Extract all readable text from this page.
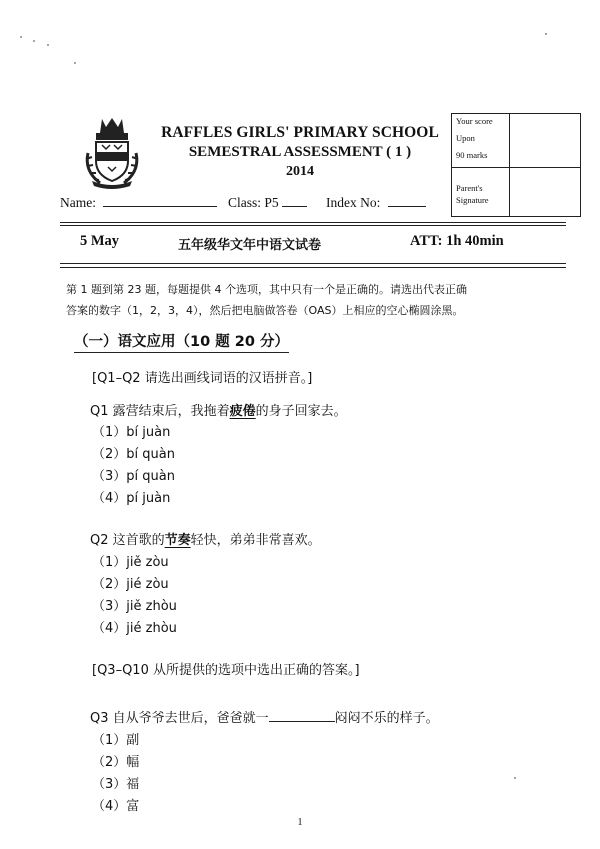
RAFFLES GIRLS' PRIMARY SCHOOL
SEMESTRAL ASSESSMENT ( 1 )
2014
Your score
Upon
90 marks
Parent's
Signature
Name:	Class: P5	Index No:
5 May	五年级华文年中语文试卷	ATT: 1h 40min
第 1 题到第 23 题，每题提供 4 个选项，其中只有一个是正确的。请选出代表正确
答案的数字（1，2，3，4），然后把电脑做答卷（OAS）上相应的空心椭圆涂黑。
（一）语文应用（10 题 20 分）
[Q1–Q2 请选出画线词语的汉语拼音。]
Q1 露营结束后，我拖着疲倦的身子回家去。
（1）bí juàn
（2）bí quàn
（3）pí quàn
（4）pí juàn
Q2 这首歌的节奏轻快，弟弟非常喜欢。
（1）jiě zòu
（2）jié zòu
（3）jiě zhòu
（4）jié zhòu
[Q3–Q10 从所提供的选项中选出正确的答案。]
Q3 自从爷爷去世后，爸爸就一	闷闷不乐的样子。
（1）副
（2）幅
（3）福
（4）富
1
